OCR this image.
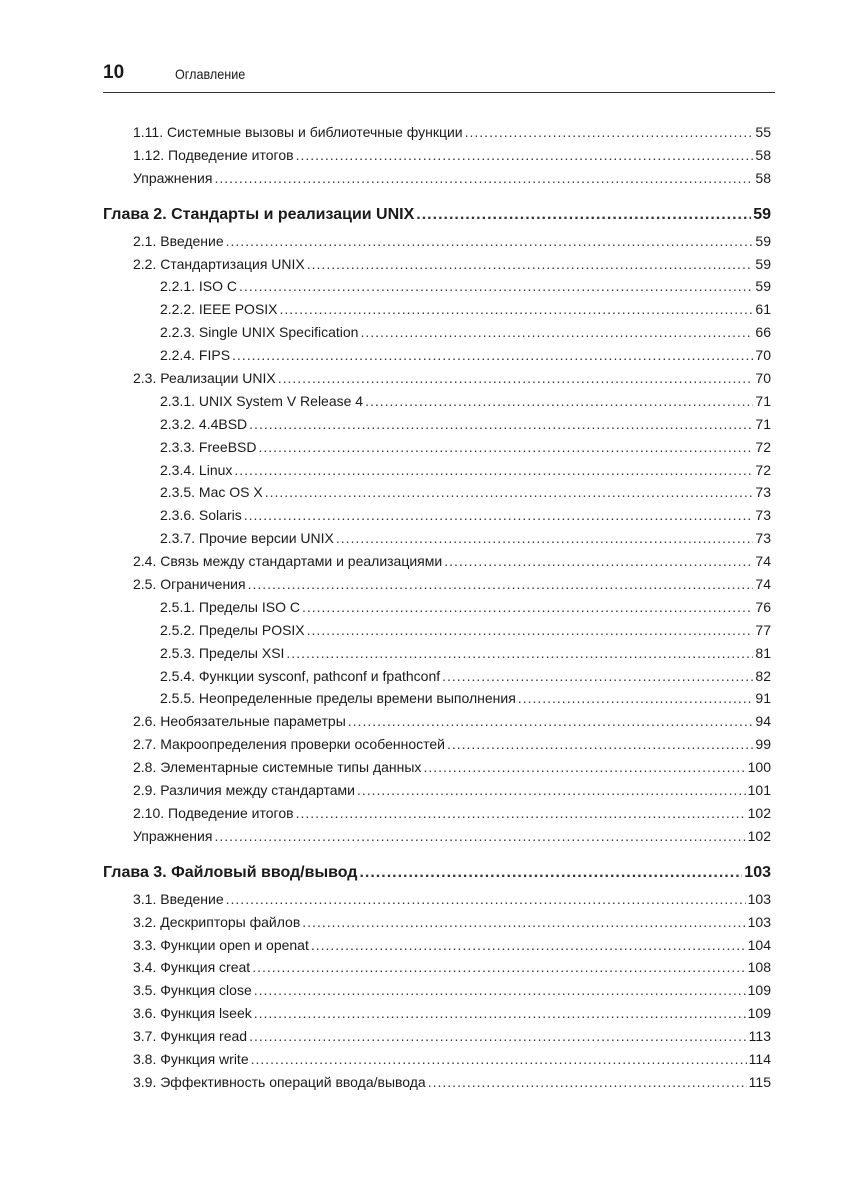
10	Оглавление
1.11. Системные вызовы и библиотечные функции .....	55
1.12. Подведение итогов .....	58
Упражнения .....	58
Глава 2. Стандарты и реализации UNIX .....	59
2.1. Введение .....	59
2.2. Стандартизация UNIX .....	59
2.2.1. ISO C .....	59
2.2.2. IEEE POSIX .....	61
2.2.3. Single UNIX Specification .....	66
2.2.4. FIPS .....	70
2.3. Реализации UNIX .....	70
2.3.1. UNIX System V Release 4 .....	71
2.3.2. 4.4BSD .....	71
2.3.3. FreeBSD .....	72
2.3.4. Linux .....	72
2.3.5. Mac OS X .....	73
2.3.6. Solaris .....	73
2.3.7. Прочие версии UNIX .....	73
2.4. Связь между стандартами и реализациями .....	74
2.5. Ограничения .....	74
2.5.1. Пределы ISO C .....	76
2.5.2. Пределы POSIX .....	77
2.5.3. Пределы XSI .....	81
2.5.4. Функции sysconf, pathconf и fpathconf .....	82
2.5.5. Неопределенные пределы времени выполнения .....	91
2.6. Необязательные параметры .....	94
2.7. Макроопределения проверки особенностей .....	99
2.8. Элементарные системные типы данных .....	100
2.9. Различия между стандартами .....	101
2.10. Подведение итогов .....	102
Упражнения .....	102
Глава 3. Файловый ввод/вывод .....	103
3.1. Введение .....	103
3.2. Дескрипторы файлов .....	103
3.3. Функции open и openat .....	104
3.4. Функция creat .....	108
3.5. Функция close .....	109
3.6. Функция lseek .....	109
3.7. Функция read .....	113
3.8. Функция write .....	114
3.9. Эффективность операций ввода/вывода .....	115
